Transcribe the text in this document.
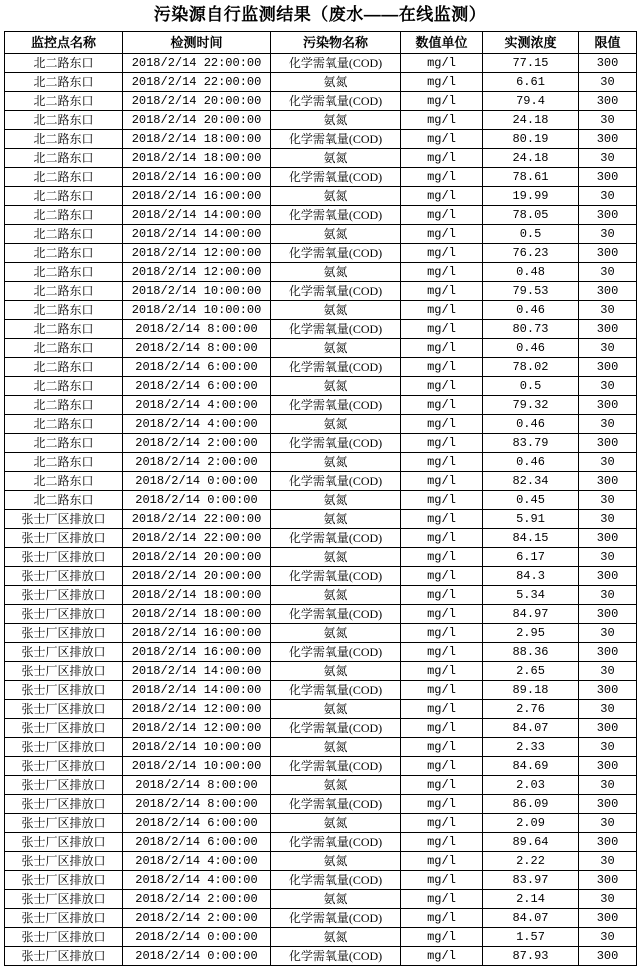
污染源自行监测结果（废水——在线监测）
监控点名称	检测时间	污染物名称	数值单位	实测浓度	限值
北二路东口	2018/2/14 22:00:00	化学需氧量(COD)	mg/l	77.15	300
北二路东口	2018/2/14 22:00:00	氨氮	mg/l	6.61	30
北二路东口	2018/2/14 20:00:00	化学需氧量(COD)	mg/l	79.4	300
北二路东口	2018/2/14 20:00:00	氨氮	mg/l	24.18	30
北二路东口	2018/2/14 18:00:00	化学需氧量(COD)	mg/l	80.19	300
北二路东口	2018/2/14 18:00:00	氨氮	mg/l	24.18	30
北二路东口	2018/2/14 16:00:00	化学需氧量(COD)	mg/l	78.61	300
北二路东口	2018/2/14 16:00:00	氨氮	mg/l	19.99	30
北二路东口	2018/2/14 14:00:00	化学需氧量(COD)	mg/l	78.05	300
北二路东口	2018/2/14 14:00:00	氨氮	mg/l	0.5	30
北二路东口	2018/2/14 12:00:00	化学需氧量(COD)	mg/l	76.23	300
北二路东口	2018/2/14 12:00:00	氨氮	mg/l	0.48	30
北二路东口	2018/2/14 10:00:00	化学需氧量(COD)	mg/l	79.53	300
北二路东口	2018/2/14 10:00:00	氨氮	mg/l	0.46	30
北二路东口	2018/2/14 8:00:00	化学需氧量(COD)	mg/l	80.73	300
北二路东口	2018/2/14 8:00:00	氨氮	mg/l	0.46	30
北二路东口	2018/2/14 6:00:00	化学需氧量(COD)	mg/l	78.02	300
北二路东口	2018/2/14 6:00:00	氨氮	mg/l	0.5	30
北二路东口	2018/2/14 4:00:00	化学需氧量(COD)	mg/l	79.32	300
北二路东口	2018/2/14 4:00:00	氨氮	mg/l	0.46	30
北二路东口	2018/2/14 2:00:00	化学需氧量(COD)	mg/l	83.79	300
北二路东口	2018/2/14 2:00:00	氨氮	mg/l	0.46	30
北二路东口	2018/2/14 0:00:00	化学需氧量(COD)	mg/l	82.34	300
北二路东口	2018/2/14 0:00:00	氨氮	mg/l	0.45	30
张士厂区排放口	2018/2/14 22:00:00	氨氮	mg/l	5.91	30
张士厂区排放口	2018/2/14 22:00:00	化学需氧量(COD)	mg/l	84.15	300
张士厂区排放口	2018/2/14 20:00:00	氨氮	mg/l	6.17	30
张士厂区排放口	2018/2/14 20:00:00	化学需氧量(COD)	mg/l	84.3	300
张士厂区排放口	2018/2/14 18:00:00	氨氮	mg/l	5.34	30
张士厂区排放口	2018/2/14 18:00:00	化学需氧量(COD)	mg/l	84.97	300
张士厂区排放口	2018/2/14 16:00:00	氨氮	mg/l	2.95	30
张士厂区排放口	2018/2/14 16:00:00	化学需氧量(COD)	mg/l	88.36	300
张士厂区排放口	2018/2/14 14:00:00	氨氮	mg/l	2.65	30
张士厂区排放口	2018/2/14 14:00:00	化学需氧量(COD)	mg/l	89.18	300
张士厂区排放口	2018/2/14 12:00:00	氨氮	mg/l	2.76	30
张士厂区排放口	2018/2/14 12:00:00	化学需氧量(COD)	mg/l	84.07	300
张士厂区排放口	2018/2/14 10:00:00	氨氮	mg/l	2.33	30
张士厂区排放口	2018/2/14 10:00:00	化学需氧量(COD)	mg/l	84.69	300
张士厂区排放口	2018/2/14 8:00:00	氨氮	mg/l	2.03	30
张士厂区排放口	2018/2/14 8:00:00	化学需氧量(COD)	mg/l	86.09	300
张士厂区排放口	2018/2/14 6:00:00	氨氮	mg/l	2.09	30
张士厂区排放口	2018/2/14 6:00:00	化学需氧量(COD)	mg/l	89.64	300
张士厂区排放口	2018/2/14 4:00:00	氨氮	mg/l	2.22	30
张士厂区排放口	2018/2/14 4:00:00	化学需氧量(COD)	mg/l	83.97	300
张士厂区排放口	2018/2/14 2:00:00	氨氮	mg/l	2.14	30
张士厂区排放口	2018/2/14 2:00:00	化学需氧量(COD)	mg/l	84.07	300
张士厂区排放口	2018/2/14 0:00:00	氨氮	mg/l	1.57	30
张士厂区排放口	2018/2/14 0:00:00	化学需氧量(COD)	mg/l	87.93	300
